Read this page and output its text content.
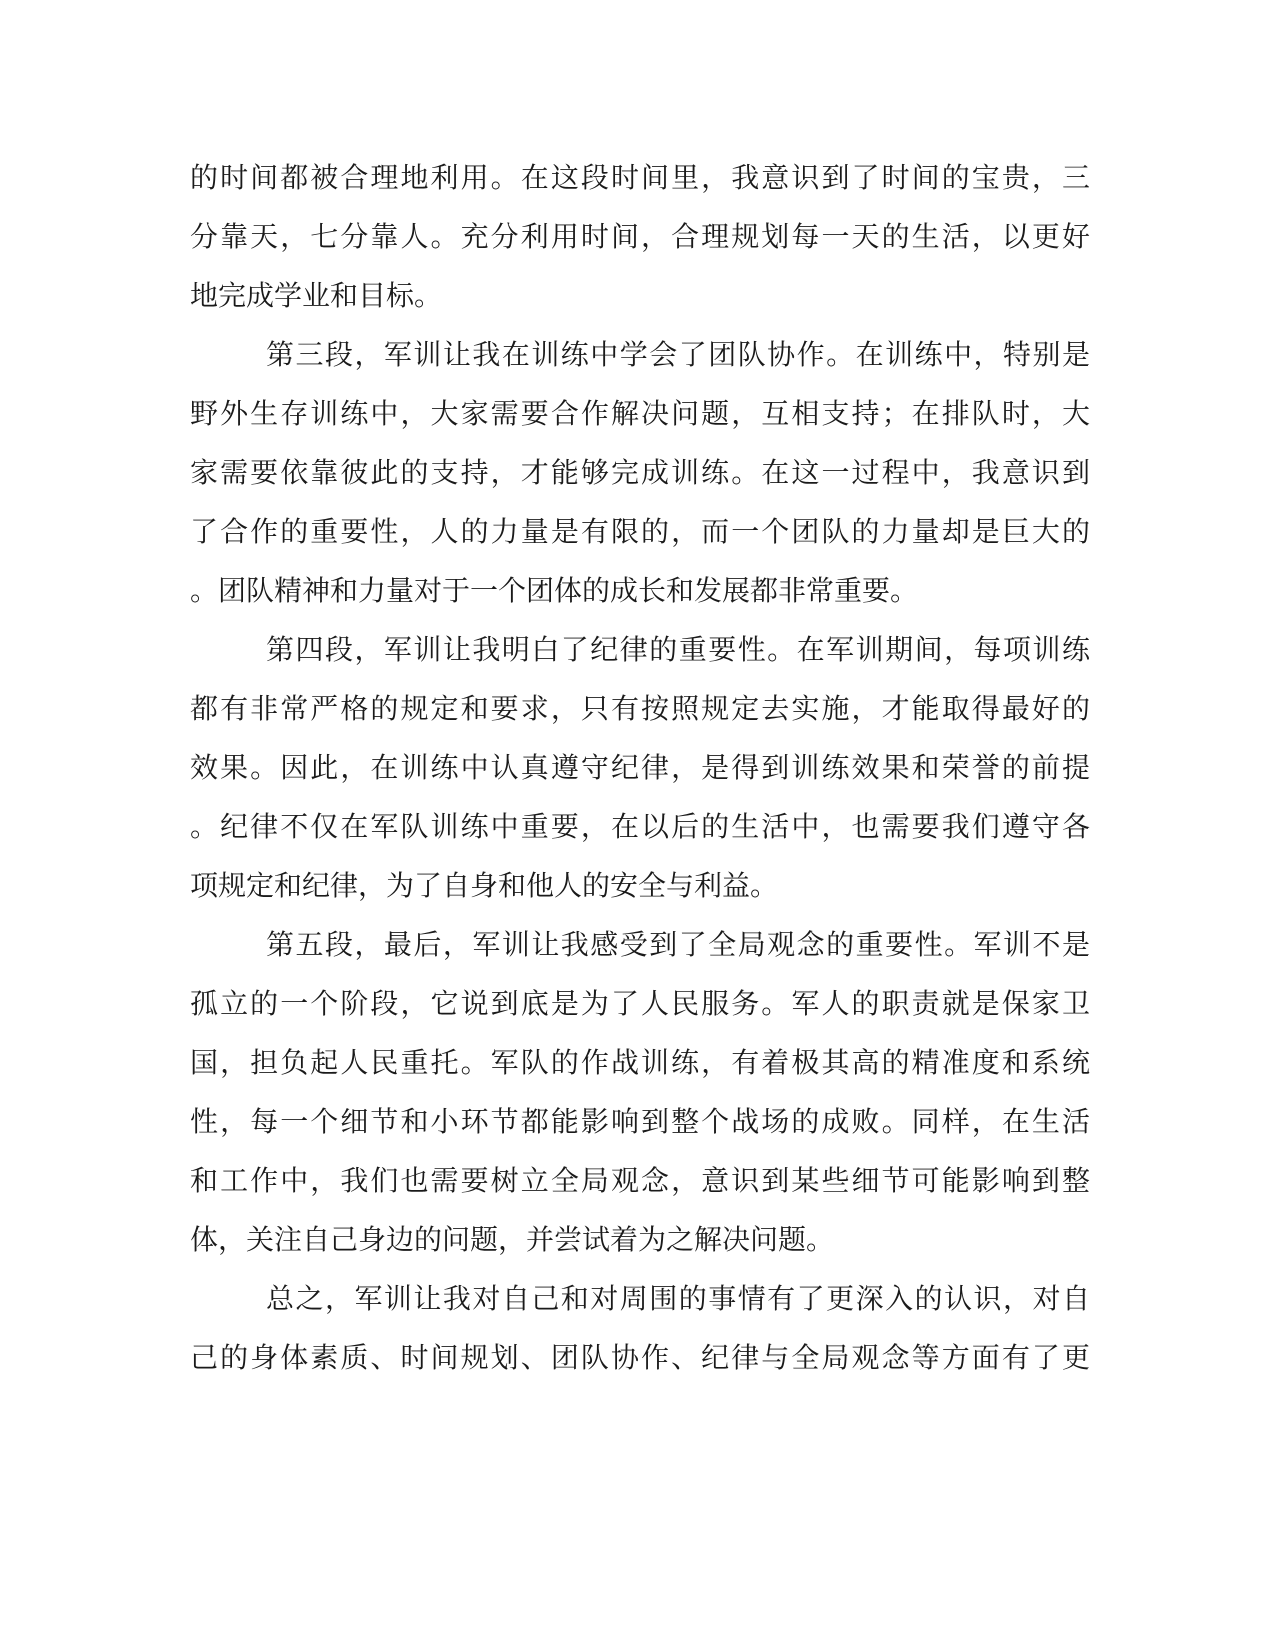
的时间都被合理地利用。在这段时间里，我意识到了时间的宝贵，三
分靠天，七分靠人。充分利用时间，合理规划每一天的生活，以更好
地完成学业和目标。
第三段，军训让我在训练中学会了团队协作。在训练中，特别是
野外生存训练中，大家需要合作解决问题，互相支持；在排队时，大
家需要依靠彼此的支持，才能够完成训练。在这一过程中，我意识到
了合作的重要性，人的力量是有限的，而一个团队的力量却是巨大的
。团队精神和力量对于一个团体的成长和发展都非常重要。
第四段，军训让我明白了纪律的重要性。在军训期间，每项训练
都有非常严格的规定和要求，只有按照规定去实施，才能取得最好的
效果。因此，在训练中认真遵守纪律，是得到训练效果和荣誉的前提
。纪律不仅在军队训练中重要，在以后的生活中，也需要我们遵守各
项规定和纪律，为了自身和他人的安全与利益。
第五段，最后，军训让我感受到了全局观念的重要性。军训不是
孤立的一个阶段，它说到底是为了人民服务。军人的职责就是保家卫
国，担负起人民重托。军队的作战训练，有着极其高的精准度和系统
性，每一个细节和小环节都能影响到整个战场的成败。同样，在生活
和工作中，我们也需要树立全局观念，意识到某些细节可能影响到整
体，关注自己身边的问题，并尝试着为之解决问题。
总之，军训让我对自己和对周围的事情有了更深入的认识，对自
己的身体素质、时间规划、团队协作、纪律与全局观念等方面有了更
